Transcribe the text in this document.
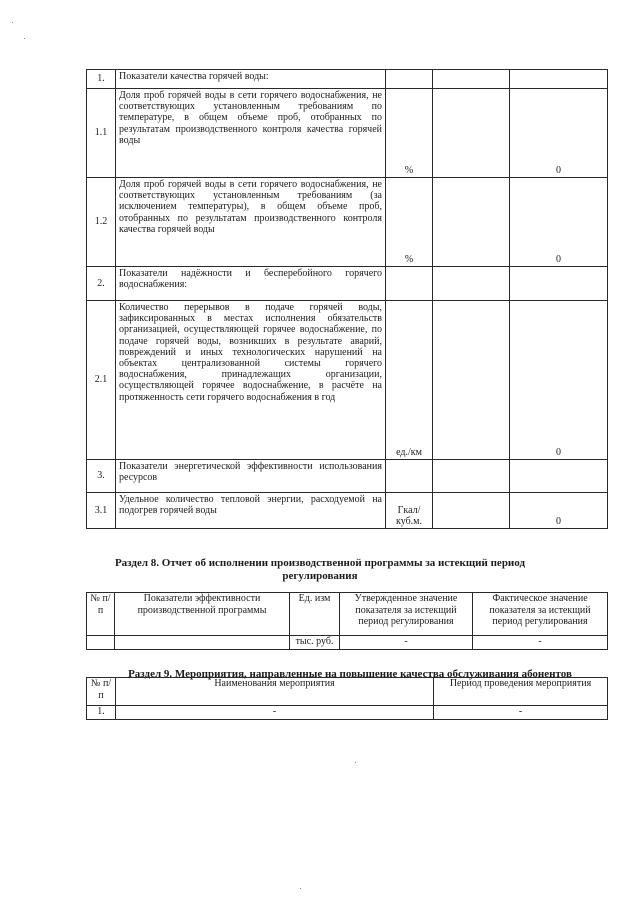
1.	Показатели качества горячей воды:			
1.1	Доля проб горячей воды в сети горячего водоснабжения, не соответствующих установленным требованиям по температуре, в общем объеме проб, отобранных по результатам производственного контроля качества горячей воды	%		0
1.2	Доля проб горячей воды в сети горячего водоснабжения, не соответствующих установленным требованиям (за исключением температуры), в общем объеме проб, отобранных по результатам производственного контроля качества горячей воды	%		0
2.	Показатели надёжности и бесперебойного горячего водоснабжения:			
2.1	Количество перерывов в подаче горячей воды, зафиксированных в местах исполнения обязательств организацией, осуществляющей горячее водоснабжение, по подаче горячей воды, возникших в результате аварий, повреждений и иных технологических нарушений на объектах централизованной системы горячего водоснабжения, принадлежащих организации, осуществляющей горячее водоснабжение, в расчёте на протяженность сети горячего водоснабжения в год	ед./км		0
3.	Показатели энергетической эффективности использования ресурсов			
3.1	Удельное количество тепловой энергии, расходуемой на подогрев горячей воды	Гкал/ куб.м.		0
Раздел 8. Отчет об исполнении производственной программы за истекщий период регулирования
№ п/п	Показатели эффективности производственной программы	Ед. изм	Утвержденное значение показателя за истекщий период регулирования	Фактическое значение показателя за истекщий период регулирования
		тыс. руб.	-	-
Раздел 9. Мероприятия, направленные на повышение качества обслуживания абонентов
№ п/п	Наименования мероприятия	Период проведения мероприятия
1.	-	-
